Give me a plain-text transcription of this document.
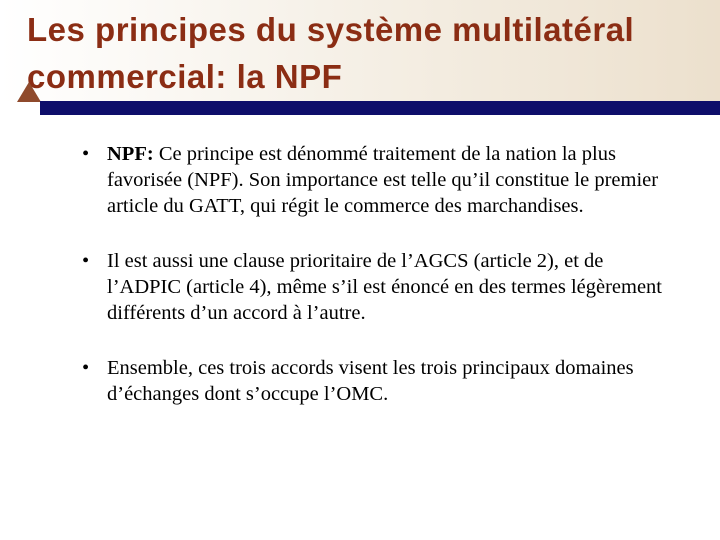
Les principes du système multilatéral commercial: la NPF
• NPF: Ce principe est dénommé traitement de la nation la plus favorisée (NPF). Son importance est telle qu’il constitue le premier article du GATT, qui régit le commerce des marchandises.
• Il est aussi une clause prioritaire de l’AGCS (article 2), et de l’ADPIC (article 4), même s’il est énoncé en des termes légèrement différents d’un accord à l’autre.
• Ensemble, ces trois accords visent les trois principaux domaines d’échanges dont s’occupe l’OMC.
